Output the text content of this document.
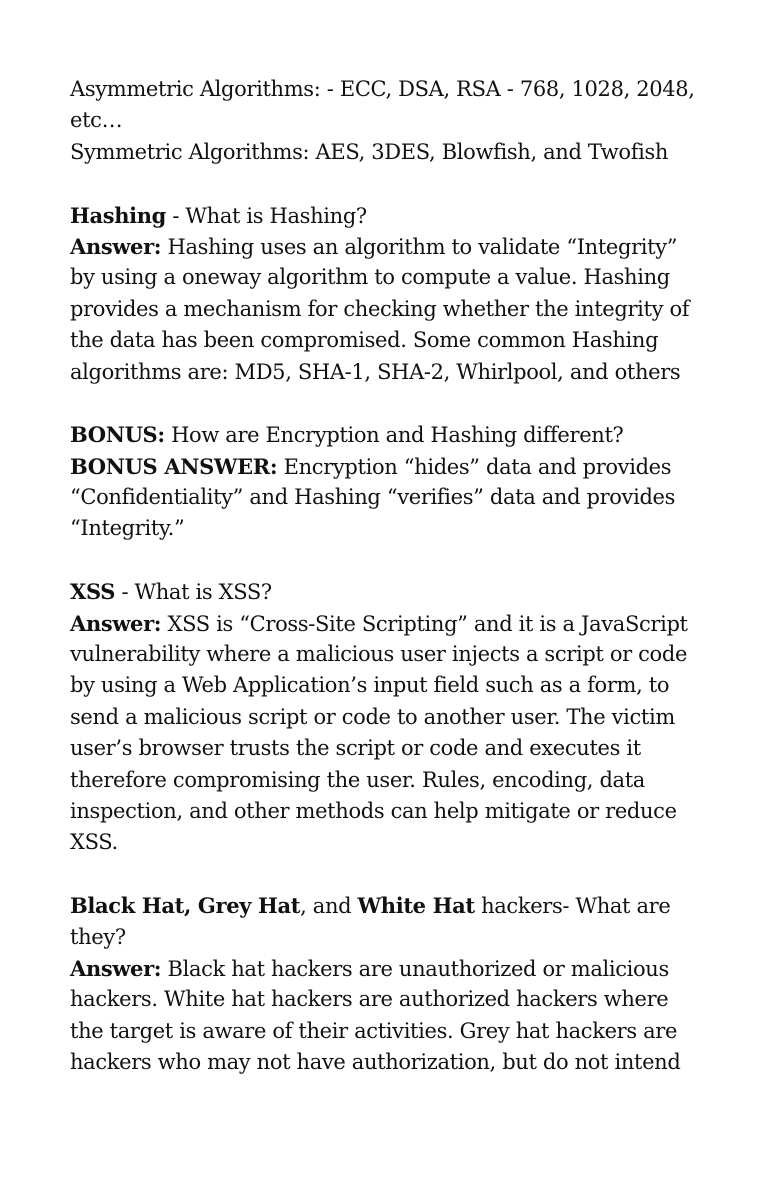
Asymmetric Algorithms: - ECC, DSA, RSA - 768, 1028, 2048,
etc…
Symmetric Algorithms: AES, 3DES, Blowfish, and Twofish
Hashing - What is Hashing?
Answer: Hashing uses an algorithm to validate “Integrity”
by using a oneway algorithm to compute a value. Hashing
provides a mechanism for checking whether the integrity of
the data has been compromised. Some common Hashing
algorithms are: MD5, SHA-1, SHA-2, Whirlpool, and others
BONUS: How are Encryption and Hashing different?
BONUS ANSWER: Encryption “hides” data and provides
“Confidentiality” and Hashing “verifies” data and provides
“Integrity.”
XSS - What is XSS?
Answer: XSS is “Cross-Site Scripting” and it is a JavaScript
vulnerability where a malicious user injects a script or code
by using a Web Application’s input field such as a form, to
send a malicious script or code to another user. The victim
user’s browser trusts the script or code and executes it
therefore compromising the user. Rules, encoding, data
inspection, and other methods can help mitigate or reduce
XSS.
Black Hat, Grey Hat, and White Hat hackers- What are
they?
Answer: Black hat hackers are unauthorized or malicious
hackers. White hat hackers are authorized hackers where
the target is aware of their activities. Grey hat hackers are
hackers who may not have authorization, but do not intend
